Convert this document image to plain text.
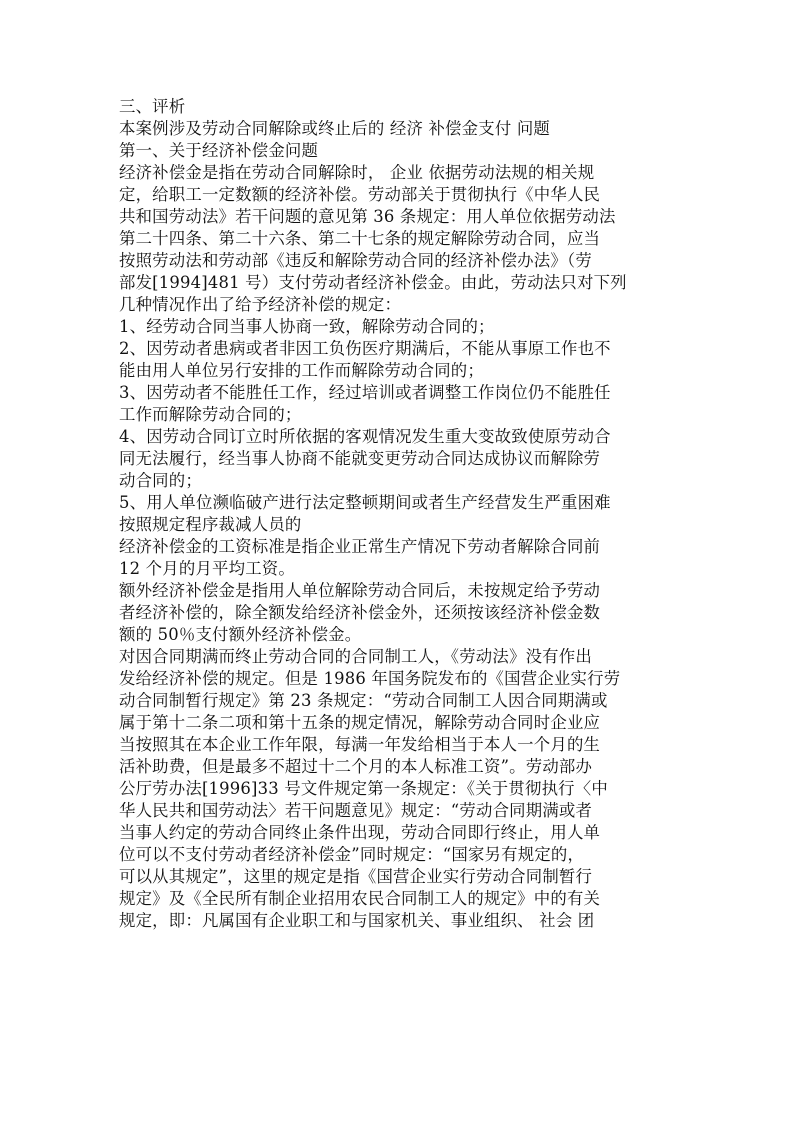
三、评析
本案例涉及劳动合同解除或终止后的 经济 补偿金支付 问题
第一、关于经济补偿金问题
经济补偿金是指在劳动合同解除时， 企业 依据劳动法规的相关规
定，给职工一定数额的经济补偿。劳动部关于贯彻执行《中华人民
共和国劳动法》若干问题的意见第 36 条规定：用人单位依据劳动法
第二十四条、第二十六条、第二十七条的规定解除劳动合同，应当
按照劳动法和劳动部《违反和解除劳动合同的经济补偿办法》（劳
部发[1994]481 号）支付劳动者经济补偿金。由此，劳动法只对下列
几种情况作出了给予经济补偿的规定：
1、经劳动合同当事人协商一致，解除劳动合同的；
2、因劳动者患病或者非因工负伤医疗期满后，不能从事原工作也不
能由用人单位另行安排的工作而解除劳动合同的；
3、因劳动者不能胜任工作，经过培训或者调整工作岗位仍不能胜任
工作而解除劳动合同的；
4、因劳动合同订立时所依据的客观情况发生重大变故致使原劳动合
同无法履行，经当事人协商不能就变更劳动合同达成协议而解除劳
动合同的；
5、用人单位濒临破产进行法定整顿期间或者生产经营发生严重困难
按照规定程序裁减人员的
经济补偿金的工资标准是指企业正常生产情况下劳动者解除合同前
12 个月的月平均工资。
额外经济补偿金是指用人单位解除劳动合同后，未按规定给予劳动
者经济补偿的，除全额发给经济补偿金外，还须按该经济补偿金数
额的 50％支付额外经济补偿金。
对因合同期满而终止劳动合同的合同制工人，《劳动法》没有作出
发给经济补偿的规定。但是 1986 年国务院发布的《国营企业实行劳
动合同制暂行规定》第 23 条规定：“劳动合同制工人因合同期满或
属于第十二条二项和第十五条的规定情况，解除劳动合同时企业应
当按照其在本企业工作年限，每满一年发给相当于本人一个月的生
活补助费，但是最多不超过十二个月的本人标准工资”。劳动部办
公厅劳办法[1996]33 号文件规定第一条规定：《关于贯彻执行〈中
华人民共和国劳动法〉若干问题意见》规定：“劳动合同期满或者
当事人约定的劳动合同终止条件出现，劳动合同即行终止，用人单
位可以不支付劳动者经济补偿金”同时规定：“国家另有规定的，
可以从其规定”，这里的规定是指《国营企业实行劳动合同制暂行
规定》及《全民所有制企业招用农民合同制工人的规定》中的有关
规定，即：凡属国有企业职工和与国家机关、事业组织、 社会 团
